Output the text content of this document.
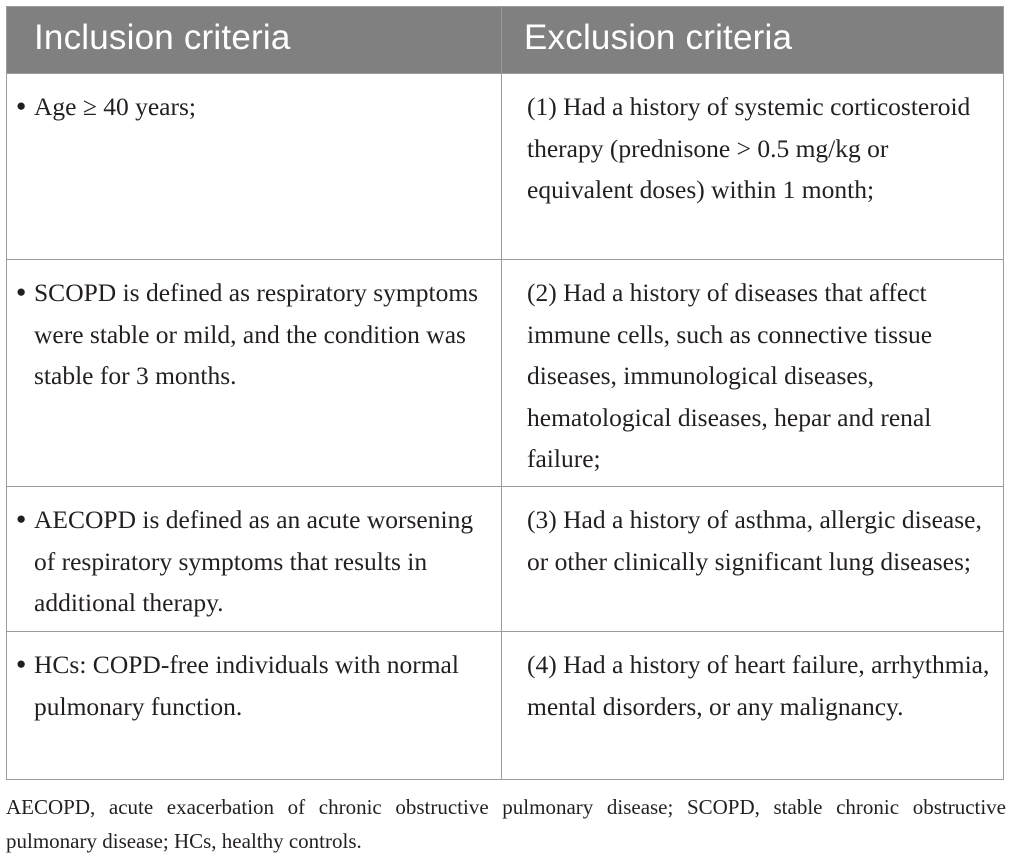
Inclusion criteria	Exclusion criteria

● Age ≥ 40 years;	(1) Had a history of systemic corticosteroid therapy (prednisone > 0.5 mg/kg or equivalent doses) within 1 month;

● SCOPD is defined as respiratory symptoms were stable or mild, and the condition was stable for 3 months.	(2) Had a history of diseases that affect immune cells, such as connective tissue diseases, immunological diseases, hematological diseases, hepar and renal failure;

● AECOPD is defined as an acute worsening of respiratory symptoms that results in additional therapy.	(3) Had a history of asthma, allergic disease, or other clinically significant lung diseases;

● HCs: COPD-free individuals with normal pulmonary function.	(4) Had a history of heart failure, arrhythmia, mental disorders, or any malignancy.

AECOPD, acute exacerbation of chronic obstructive pulmonary disease; SCOPD, stable chronic obstructive pulmonary disease; HCs, healthy controls.
